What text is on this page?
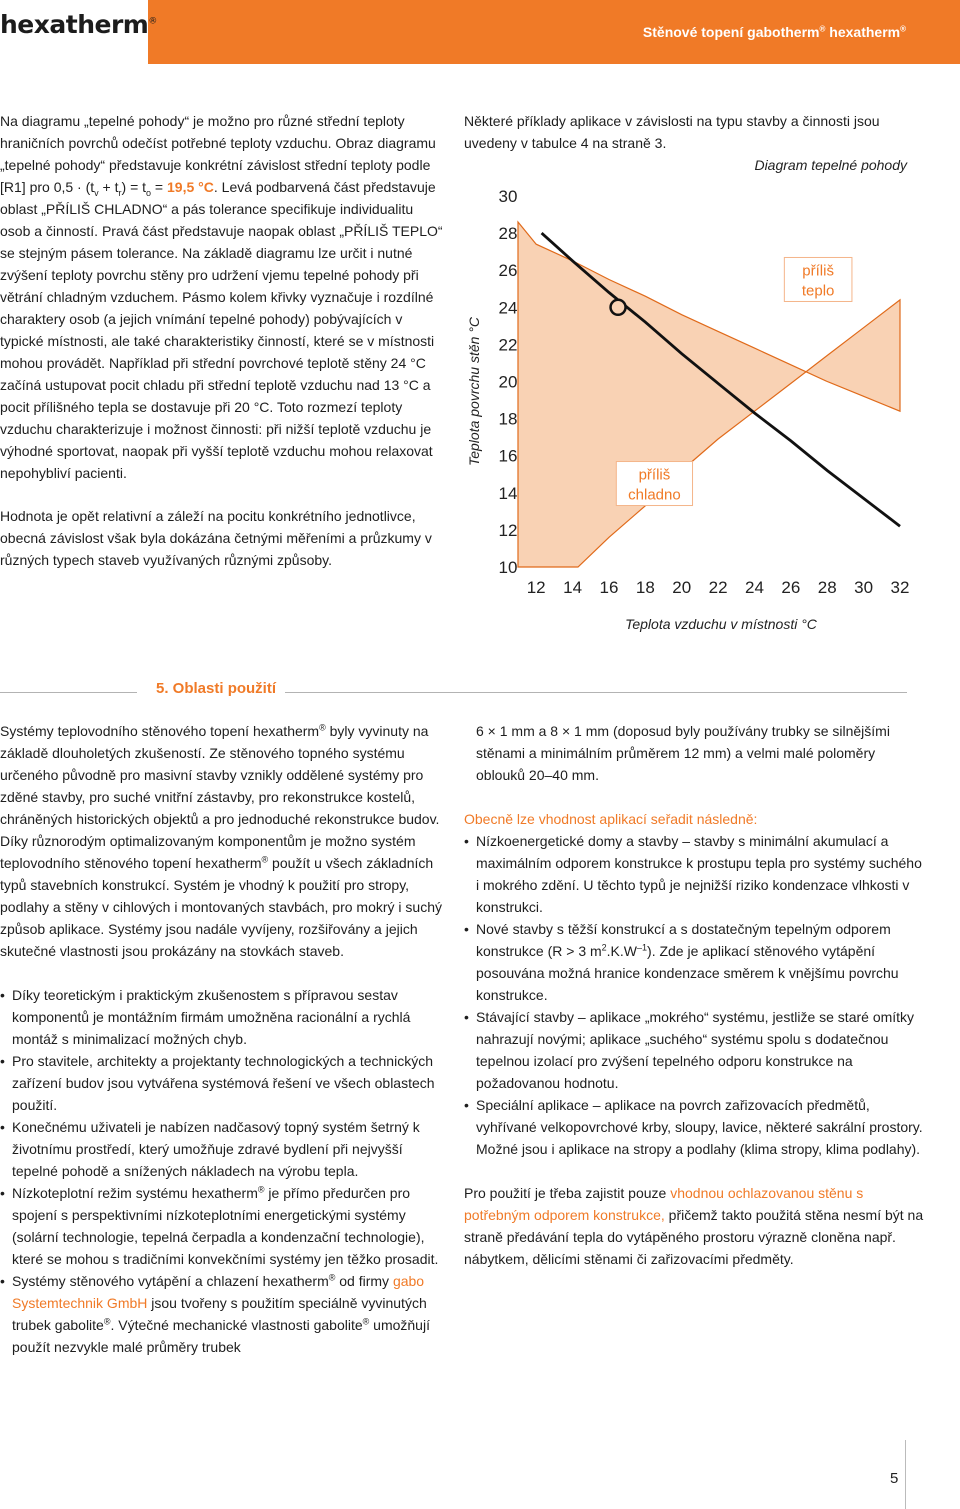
hexatherm®
Stěnové topení gabotherm® hexatherm®

Na diagramu „tepelné pohody“ je možno pro různé střední teploty hraničních povrchů odečíst potřebné teploty vzduchu. Obraz diagramu „tepelné pohody“ představuje konkrétní závislost střední teploty podle [R1] pro $0,5 \cdot (t_v + t_r) = t_o = 19,5$ °C. Levá podbarvená část představuje oblast „PŘÍLIŠ CHLADNO“ a pás tolerance specifikuje individualitu osob a činností. Pravá část představuje naopak oblast „PŘÍLIŠ TEPLO“ se stejným pásem tolerance. Na základě diagramu lze určit i nutné zvýšení teploty povrchu stěny pro udržení vjemu tepelné pohody při větrání chladným vzduchem. Pásmo kolem křivky vyznačuje i rozdílné charaktery osob (a jejich vnímání tepelné pohody) pobývajících v typické místnosti, ale také charakteristiky činností, které se v místnosti mohou provádět. Například při střední povrchové teplotě stěny 24 °C začíná ustupovat pocit chladu při střední teplotě vzduchu nad 13 °C a pocit přílišného tepla se dostavuje při 20 °C. Toto rozmezí teploty vzduchu charakterizuje i možnost činnosti: při nižší teplotě vzduchu je výhodné sportovat, naopak při vyšší teplotě vzduchu mohou relaxovat nepohybliví pacienti.

Hodnota je opět relativní a záleží na pocitu konkrétního jednotlivce, obecná závislost však byla dokázána četnými měřeními a průzkumy v různých typech staveb využívaných různými způsoby.

Některé příklady aplikace v závislosti na typu stavby a činnosti jsou uvedeny v tabulce 4 na straně 3.
Diagram tepelné pohody
10
12
14
16
18
20
22
24
26
28
30
12 14 16 18 20 22 24 26 28 30 32
Teplota povrchu stěn °C
Teplota vzduchu v místnosti °C
příliš
teplo
příliš
chladno
5. Oblasti použití

Systémy teplovodního stěnového topení hexatherm® byly vyvinuty na základě dlouholetých zkušeností. Ze stěnového topného systému určeného původně pro masivní stavby vznikly oddělené systémy pro zděné stavby, pro suché vnitřní zástavby, pro rekonstrukce kostelů, chráněných historických objektů a pro jednoduché rekonstrukce budov. Díky různorodým optimalizovaným komponentům je možno systém teplovodního stěnového topení hexatherm® použít u všech základních typů stavebních konstrukcí. Systém je vhodný k použití pro stropy, podlahy a stěny v cihlových i montovaných stavbách, pro mokrý i suchý způsob aplikace. Systémy jsou nadále vyvíjeny, rozšiřovány a jejich skutečné vlastnosti jsou prokázány na stovkách staveb.

• Díky teoretickým i praktickým zkušenostem s přípravou sestav komponentů je montážním firmám umožněna racionální a rychlá montáž s minimalizací možných chyb.
• Pro stavitele, architekty a projektanty technologických a technických zařízení budov jsou vytvářena systémová řešení ve všech oblastech použití.
• Konečnému uživateli je nabízen nadčasový topný systém šetrný k životnímu prostředí, který umožňuje zdravé bydlení při nejvyšší tepelné pohodě a snížených nákladech na výrobu tepla.
• Nízkoteplotní režim systému hexatherm® je přímo předurčen pro spojení s perspektivními nízkoteplotními energetickými systémy (solární technologie, tepelná čerpadla a kondenzační technologie), které se mohou s tradičními konvekčními systémy jen těžko prosadit.
• Systémy stěnového vytápění a chlazení hexatherm® od firmy gabo Systemtechnik GmbH jsou tvořeny s použitím speciálně vyvinutých trubek gabolite®. Výtečné mechanické vlastnosti gabolite® umožňují použít nezvykle malé průměry trubek

6 × 1 mm a 8 × 1 mm (doposud byly používány trubky se silnějšími stěnami a minimálním průměrem 12 mm) a velmi malé poloměry oblouků 20–40 mm.

Obecně lze vhodnost aplikací seřadit následně:

• Nízkoenergetické domy a stavby – stavby s minimální akumulací a maximálním odporem konstrukce k prostupu tepla pro systémy suchého i mokrého zdění. U těchto typů je nejnižší riziko kondenzace vlhkosti v konstrukci.
• Nové stavby s těžší konstrukcí a s dostatečným tepelným odporem konstrukce (R > 3 $m^2.K.W^{-1}$). Zde je aplikací stěnového vytápění posouvána možná hranice kondenzace směrem k vnějšímu povrchu konstrukce.
• Stávající stavby – aplikace „mokrého“ systému, jestliže se staré omítky nahrazují novými; aplikace „suchého“ systému spolu s dodatečnou tepelnou izolací pro zvýšení tepelného odporu konstrukce na požadovanou hodnotu.
• Speciální aplikace – aplikace na povrch zařizovacích předmětů, vyhřívané velkopovrchové krby, sloupy, lavice, některé sakrální prostory. Možné jsou i aplikace na stropy a podlahy (klima stropy, klima podlahy).

Pro použití je třeba zajistit pouze vhodnou ochlazovanou stěnu s potřebným odporem konstrukce, přičemž takto použitá stěna nesmí být na straně předávání tepla do vytápěného prostoru výrazně cloněna např. nábytkem, dělicími stěnami či zařizovacími předměty.

5
